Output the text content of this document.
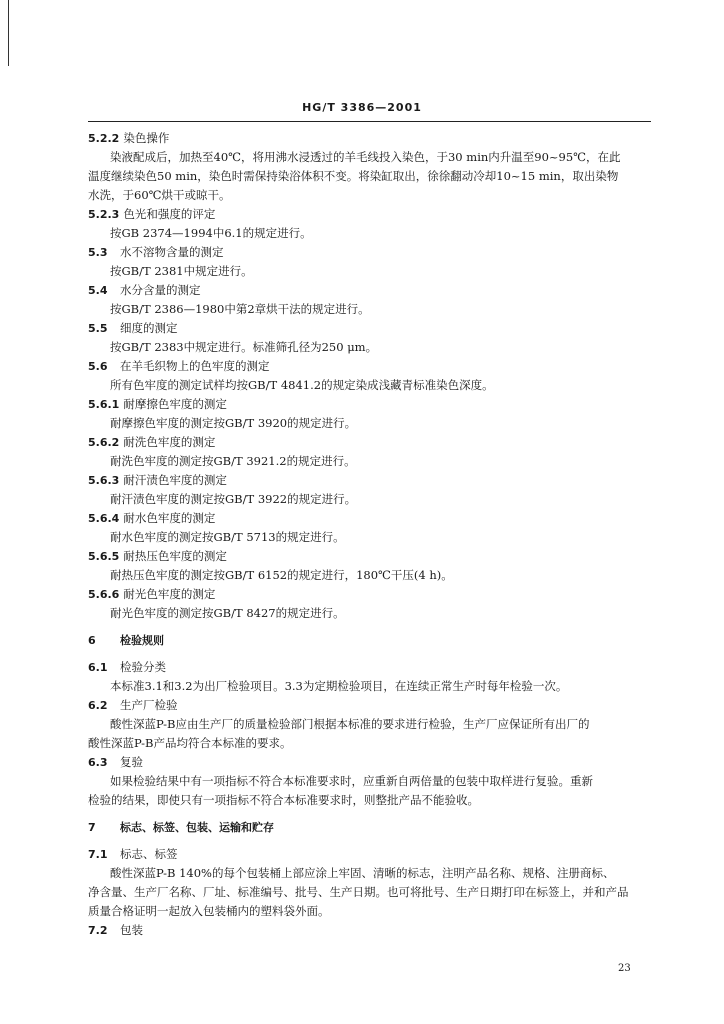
HG/T 3386—2001
5.2.2 染色操作
染液配成后，加热至40℃，将用沸水浸透过的羊毛线投入染色，于30 min内升温至90~95℃，在此
温度继续染色50 min，染色时需保持染浴体积不变。将染缸取出，徐徐翻动冷却10~15 min，取出染物
水洗，于60℃烘干或晾干。
5.2.3 色光和强度的评定
按GB 2374—1994中6.1的规定进行。
5.3 水不溶物含量的测定
按GB/T 2381中规定进行。
5.4 水分含量的测定
按GB/T 2386—1980中第2章烘干法的规定进行。
5.5 细度的测定
按GB/T 2383中规定进行。标准筛孔径为250 μm。
5.6 在羊毛织物上的色牢度的测定
所有色牢度的测定试样均按GB/T 4841.2的规定染成浅藏青标准染色深度。
5.6.1 耐摩擦色牢度的测定
耐摩擦色牢度的测定按GB/T 3920的规定进行。
5.6.2 耐洗色牢度的测定
耐洗色牢度的测定按GB/T 3921.2的规定进行。
5.6.3 耐汗渍色牢度的测定
耐汗渍色牢度的测定按GB/T 3922的规定进行。
5.6.4 耐水色牢度的测定
耐水色牢度的测定按GB/T 5713的规定进行。
5.6.5 耐热压色牢度的测定
耐热压色牢度的测定按GB/T 6152的规定进行，180℃干压(4 h)。
5.6.6 耐光色牢度的测定
耐光色牢度的测定按GB/T 8427的规定进行。
6 检验规则
6.1 检验分类
本标准3.1和3.2为出厂检验项目。3.3为定期检验项目，在连续正常生产时每年检验一次。
6.2 生产厂检验
酸性深蓝P-B应由生产厂的质量检验部门根据本标准的要求进行检验，生产厂应保证所有出厂的
酸性深蓝P-B产品均符合本标准的要求。
6.3 复验
如果检验结果中有一项指标不符合本标准要求时，应重新自两倍量的包装中取样进行复验。重新
检验的结果，即使只有一项指标不符合本标准要求时，则整批产品不能验收。
7 标志、标签、包装、运输和贮存
7.1 标志、标签
酸性深蓝P-B 140%的每个包装桶上部应涂上牢固、清晰的标志，注明产品名称、规格、注册商标、
净含量、生产厂名称、厂址、标准编号、批号、生产日期。也可将批号、生产日期打印在标签上，并和产品
质量合格证明一起放入包装桶内的塑料袋外面。
7.2 包装
23
